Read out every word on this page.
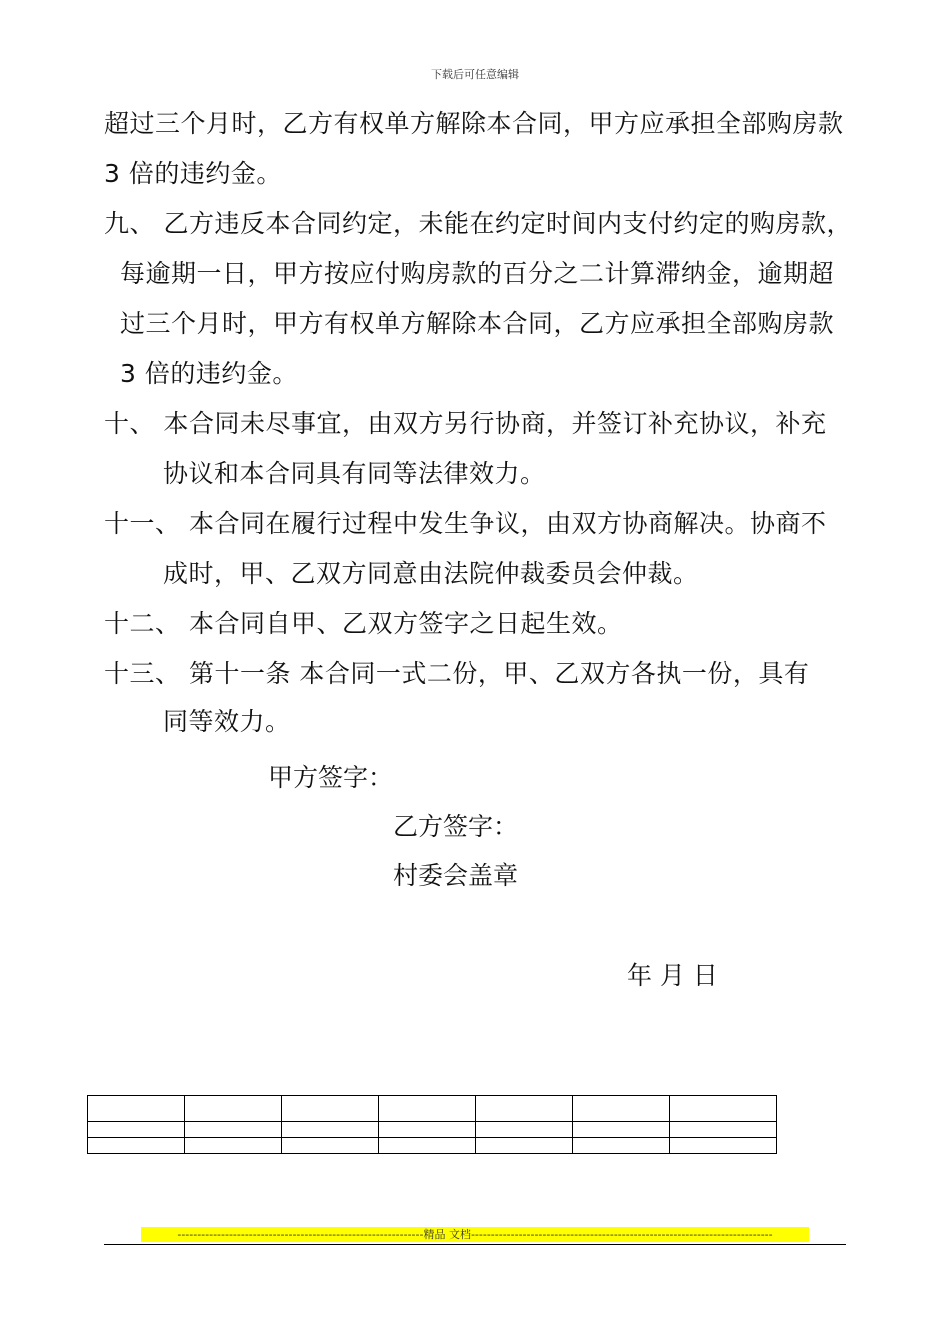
下载后可任意编辑
超过三个月时，乙方有权单方解除本合同，甲方应承担全部购房款
3 倍的违约金。
九、 乙方违反本合同约定，未能在约定时间内支付约定的购房款，
每逾期一日，甲方按应付购房款的百分之二计算滞纳金，逾期超
过三个月时，甲方有权单方解除本合同，乙方应承担全部购房款
3 倍的违约金。
十、 本合同未尽事宜，由双方另行协商，并签订补充协议，补充
协议和本合同具有同等法律效力。
十一、 本合同在履行过程中发生争议，由双方协商解决。协商不
成时，甲、乙双方同意由法院仲裁委员会仲裁。
十二、 本合同自甲、乙双方签字之日起生效。
十三、 第十一条 本合同一式二份，甲、乙双方各执一份，具有
同等效力。
甲方签字：
乙方签字：
村委会盖章
年 月 日

--------------------------------------------------------------精品 文档----------------------------------------------------------------------------
